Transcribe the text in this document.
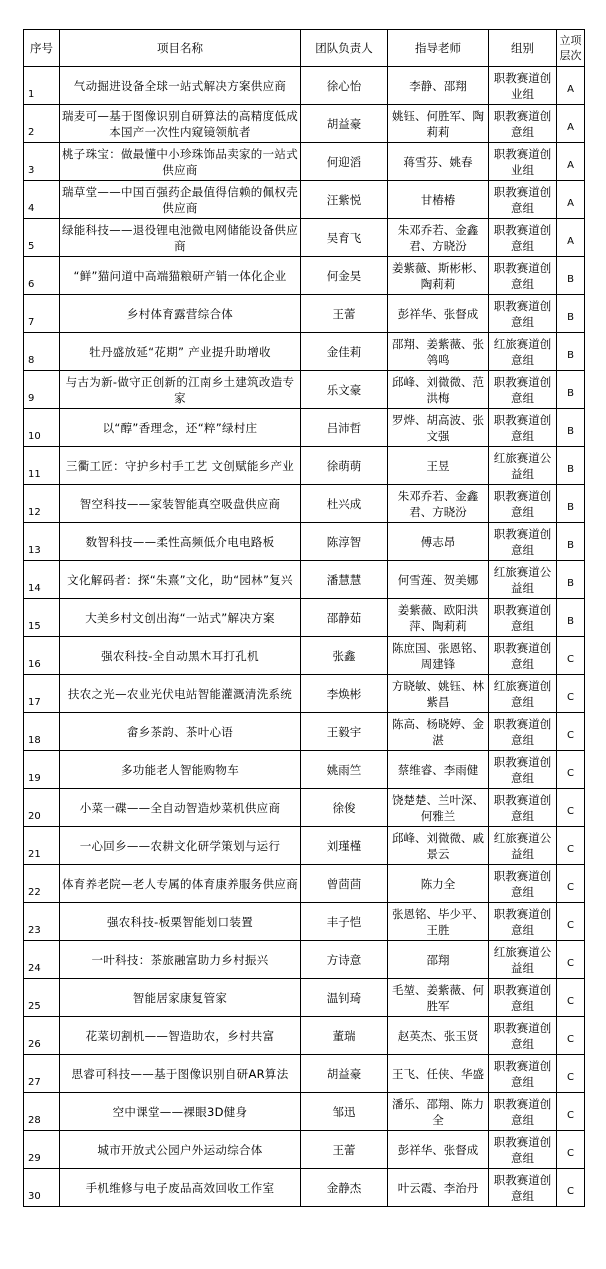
序号	项目名称	团队负责人	指导老师	组别	立项层次
1	气动掘进设备全球一站式解决方案供应商	徐心怡	李静、邵翔	职教赛道创业组	A
2	瑞麦可—基于图像识别自研算法的高精度低成本国产一次性内窥镜领航者	胡益豪	姚钰、何胜军、陶莉莉	职教赛道创意组	A
3	桃子珠宝：做最懂中小珍珠饰品卖家的一站式供应商	何迎滔	蒋雪芬、姚春	职教赛道创业组	A
4	瑞草堂——中国百强药企最值得信赖的佩权壳供应商	汪紫悦	甘椿椿	职教赛道创意组	A
5	绿能科技——退役锂电池微电网储能设备供应商	吴育飞	朱邓乔若、金鑫君、方晓汾	职教赛道创意组	A
6	“鲜”猫问道中高端猫粮研产销一体化企业	何金昊	姜紫薇、斯彬彬、陶莉莉	职教赛道创意组	B
7	乡村体育露营综合体	王蕾	彭祥华、张督成	职教赛道创意组	B
8	牡丹盛放延“花期” 产业提升助增收	金佳莉	邵翔、姜紫薇、张鸰鸣	红旅赛道创意组	B
9	与古为新-做守正创新的江南乡土建筑改造专家	乐文豪	邱峰、刘微微、范洪梅	职教赛道创意组	B
10	以“醇”香理念，还“粹”绿村庄	吕沛哲	罗烨、胡高波、张文强	职教赛道创意组	B
11	三衢工匠：守护乡村手工艺 文创赋能乡产业	徐萌萌	王昱	红旅赛道公益组	B
12	智空科技——家装智能真空吸盘供应商	杜兴成	朱邓乔若、金鑫君、方晓汾	职教赛道创意组	B
13	数智科技——柔性高频低介电电路板	陈淳智	傅志昂	职教赛道创意组	B
14	文化解码者：探“朱熹”文化，助“园林”复兴	潘慧慧	何雪莲、贺美娜	红旅赛道公益组	B
15	大美乡村文创出海“一站式”解决方案	邵静茹	姜紫薇、欧阳洪萍、陶莉莉	职教赛道创意组	B
16	强农科技-全自动黑木耳打孔机	张鑫	陈庶国、张恩铭、周建锋	职教赛道创意组	C
17	扶农之光—农业光伏电站智能灌溉清洗系统	李焕彬	方晓敏、姚钰、林紫昌	红旅赛道创意组	C
18	畲乡茶韵、茶叶心语	王毅宇	陈高、杨晓婷、金湛	职教赛道创意组	C
19	多功能老人智能购物车	姚雨竺	蔡维睿、李雨健	职教赛道创意组	C
20	小菜一碟——全自动智造炒菜机供应商	徐俊	饶楚楚、兰叶深、何雅兰	职教赛道创意组	C
21	一心回乡——农耕文化研学策划与运行	刘瑾槿	邱峰、刘微微、戚景云	红旅赛道公益组	C
22	体育养老院—老人专属的体育康养服务供应商	曾茴茴	陈力全	职教赛道创意组	C
23	强农科技-板栗智能划口装置	丰子恺	张恩铭、毕少平、王胜	职教赛道创意组	C
24	一叶科技：茶旅融富助力乡村振兴	方诗意	邵翔	红旅赛道公益组	C
25	智能居家康复管家	温钊琦	毛堃、姜紫薇、何胜军	职教赛道创意组	C
26	花菜切割机——智造助农，乡村共富	董瑞	赵英杰、张玉贤	职教赛道创意组	C
27	思睿可科技——基于图像识别自研AR算法	胡益豪	王飞、任侠、华盛	职教赛道创意组	C
28	空中课堂——裸眼3D健身	邹迅	潘乐、邵翔、陈力全	职教赛道创意组	C
29	城市开放式公园户外运动综合体	王蕾	彭祥华、张督成	职教赛道创意组	C
30	手机维修与电子废品高效回收工作室	金静杰	叶云霞、李治丹	职教赛道创意组	C
